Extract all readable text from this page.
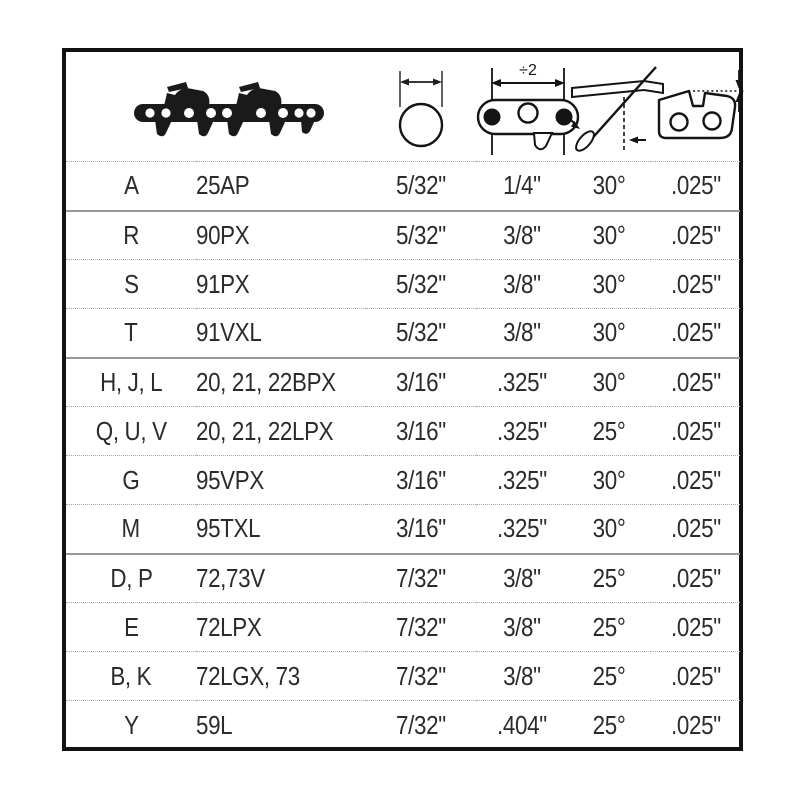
÷2

A	25AP	5/32"	1/4"	30°	.025"
R	90PX	5/32"	3/8"	30°	.025"
S	91PX	5/32"	3/8"	30°	.025"
T	91VXL	5/32"	3/8"	30°	.025"
H, J, L	20, 21, 22BPX	3/16"	.325"	30°	.025"
Q, U, V	20, 21, 22LPX	3/16"	.325"	25°	.025"
G	95VPX	3/16"	.325"	30°	.025"
M	95TXL	3/16"	.325"	30°	.025"
D, P	72,73V	7/32"	3/8"	25°	.025"
E	72LPX	7/32"	3/8"	25°	.025"
B, K	72LGX, 73	7/32"	3/8"	25°	.025"
Y	59L	7/32"	.404"	25°	.025"
